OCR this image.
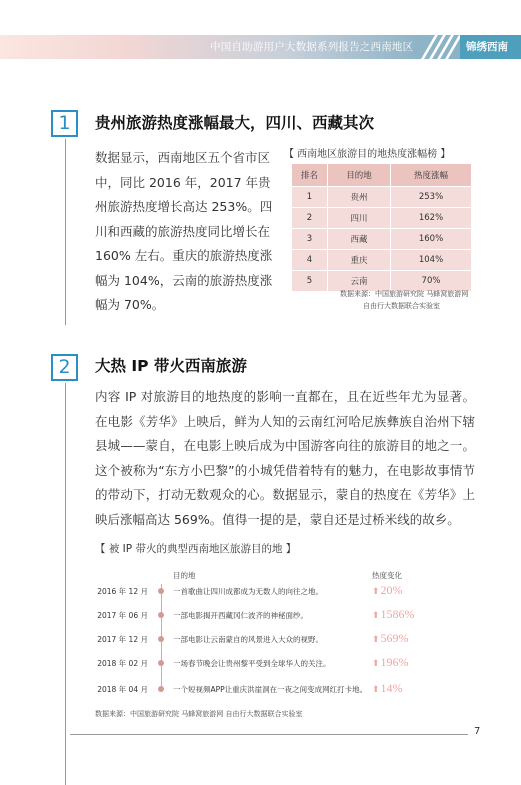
中国自助游用户大数据系列报告之西南地区	锦绣西南
1	贵州旅游热度涨幅最大，四川、西藏其次
数据显示，西南地区五个省市区中，同比 2016 年，2017 年贵州旅游热度增长高达 253%。四川和西藏的旅游热度同比增长在 160% 左右。重庆的旅游热度涨幅为 104%，云南的旅游热度涨幅为 70%。
【 西南地区旅游目的地热度涨幅榜 】
排名	目的地	热度涨幅
1	贵州	253%
2	四川	162%
3	西藏	160%
4	重庆	104%
5	云南	70%
数据来源：中国旅游研究院 马蜂窝旅游网
自由行大数据联合实验室
2	大热 IP 带火西南旅游
内容 IP 对旅游目的地热度的影响一直都在，且在近些年尤为显著。在电影《芳华》上映后，鲜为人知的云南红河哈尼族彝族自治州下辖县城——蒙自，在电影上映后成为中国游客向往的旅游目的地之一。这个被称为“东方小巴黎”的小城凭借着特有的魅力，在电影故事情节的带动下，打动无数观众的心。数据显示，蒙自的热度在《芳华》上映后涨幅高达 569%。值得一提的是，蒙自还是过桥米线的故乡。
【 被 IP 带火的典型西南地区旅游目的地 】
目的地	热度变化
2016 年 12 月	一首歌曲让四川成都成为无数人的向往之地。	⬆20%
2017 年 06 月	一部电影揭开西藏冈仁波齐的神秘面纱。	⬆1586%
2017 年 12 月	一部电影让云南蒙自的风景进入大众的视野。	⬆569%
2018 年 02 月	一场春节晚会让贵州黎平受到全球华人的关注。	⬆196%
2018 年 04 月	一个短视频APP让重庆洪崖洞在一夜之间变成网红打卡地。 ⬆14%
数据来源：中国旅游研究院 马蜂窝旅游网 自由行大数据联合实验室
7
